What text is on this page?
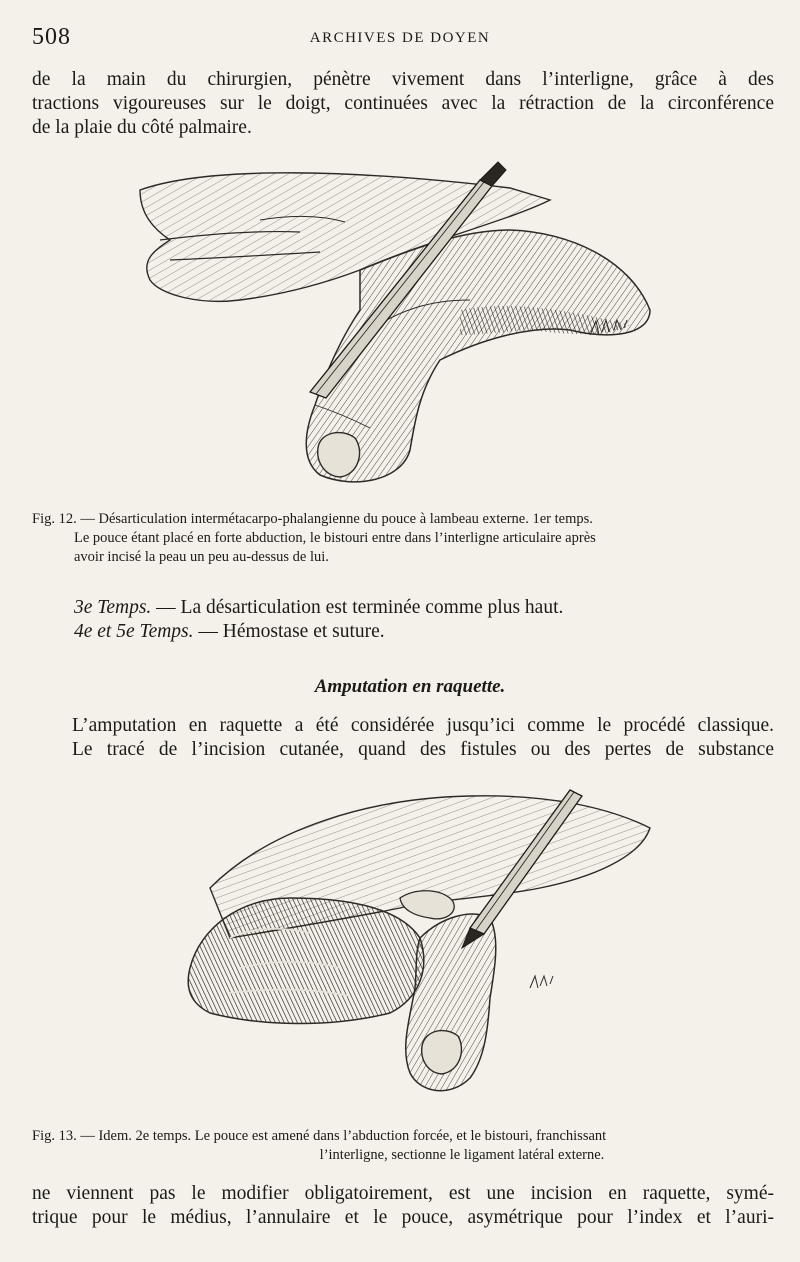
508	ARCHIVES DE DOYEN
de la main du chirurgien, pénètre vivement dans l’interligne, grâce à des
tractions vigoureuses sur le doigt, continuées avec la rétraction de la circonférence
de la plaie du côté palmaire.
Fig. 12. — Désarticulation intermétacarpo-phalangienne du pouce à lambeau externe. 1er temps.
Le pouce étant placé en forte abduction, le bistouri entre dans l’interligne articulaire après
avoir incisé la peau un peu au-dessus de lui.
3e Temps. — La désarticulation est terminée comme plus haut.
4e et 5e Temps. — Hémostase et suture.
Amputation en raquette.
L’amputation en raquette a été considérée jusqu’ici comme le procédé classique.
Le tracé de l’incision cutanée, quand des fistules ou des pertes de substance
Fig. 13. — Idem. 2e temps. Le pouce est amené dans l’abduction forcée, et le bistouri, franchissant
l’interligne, sectionne le ligament latéral externe.
ne viennent pas le modifier obligatoirement, est une incision en raquette, symé-
trique pour le médius, l’annulaire et le pouce, asymétrique pour l’index et l’auri-
